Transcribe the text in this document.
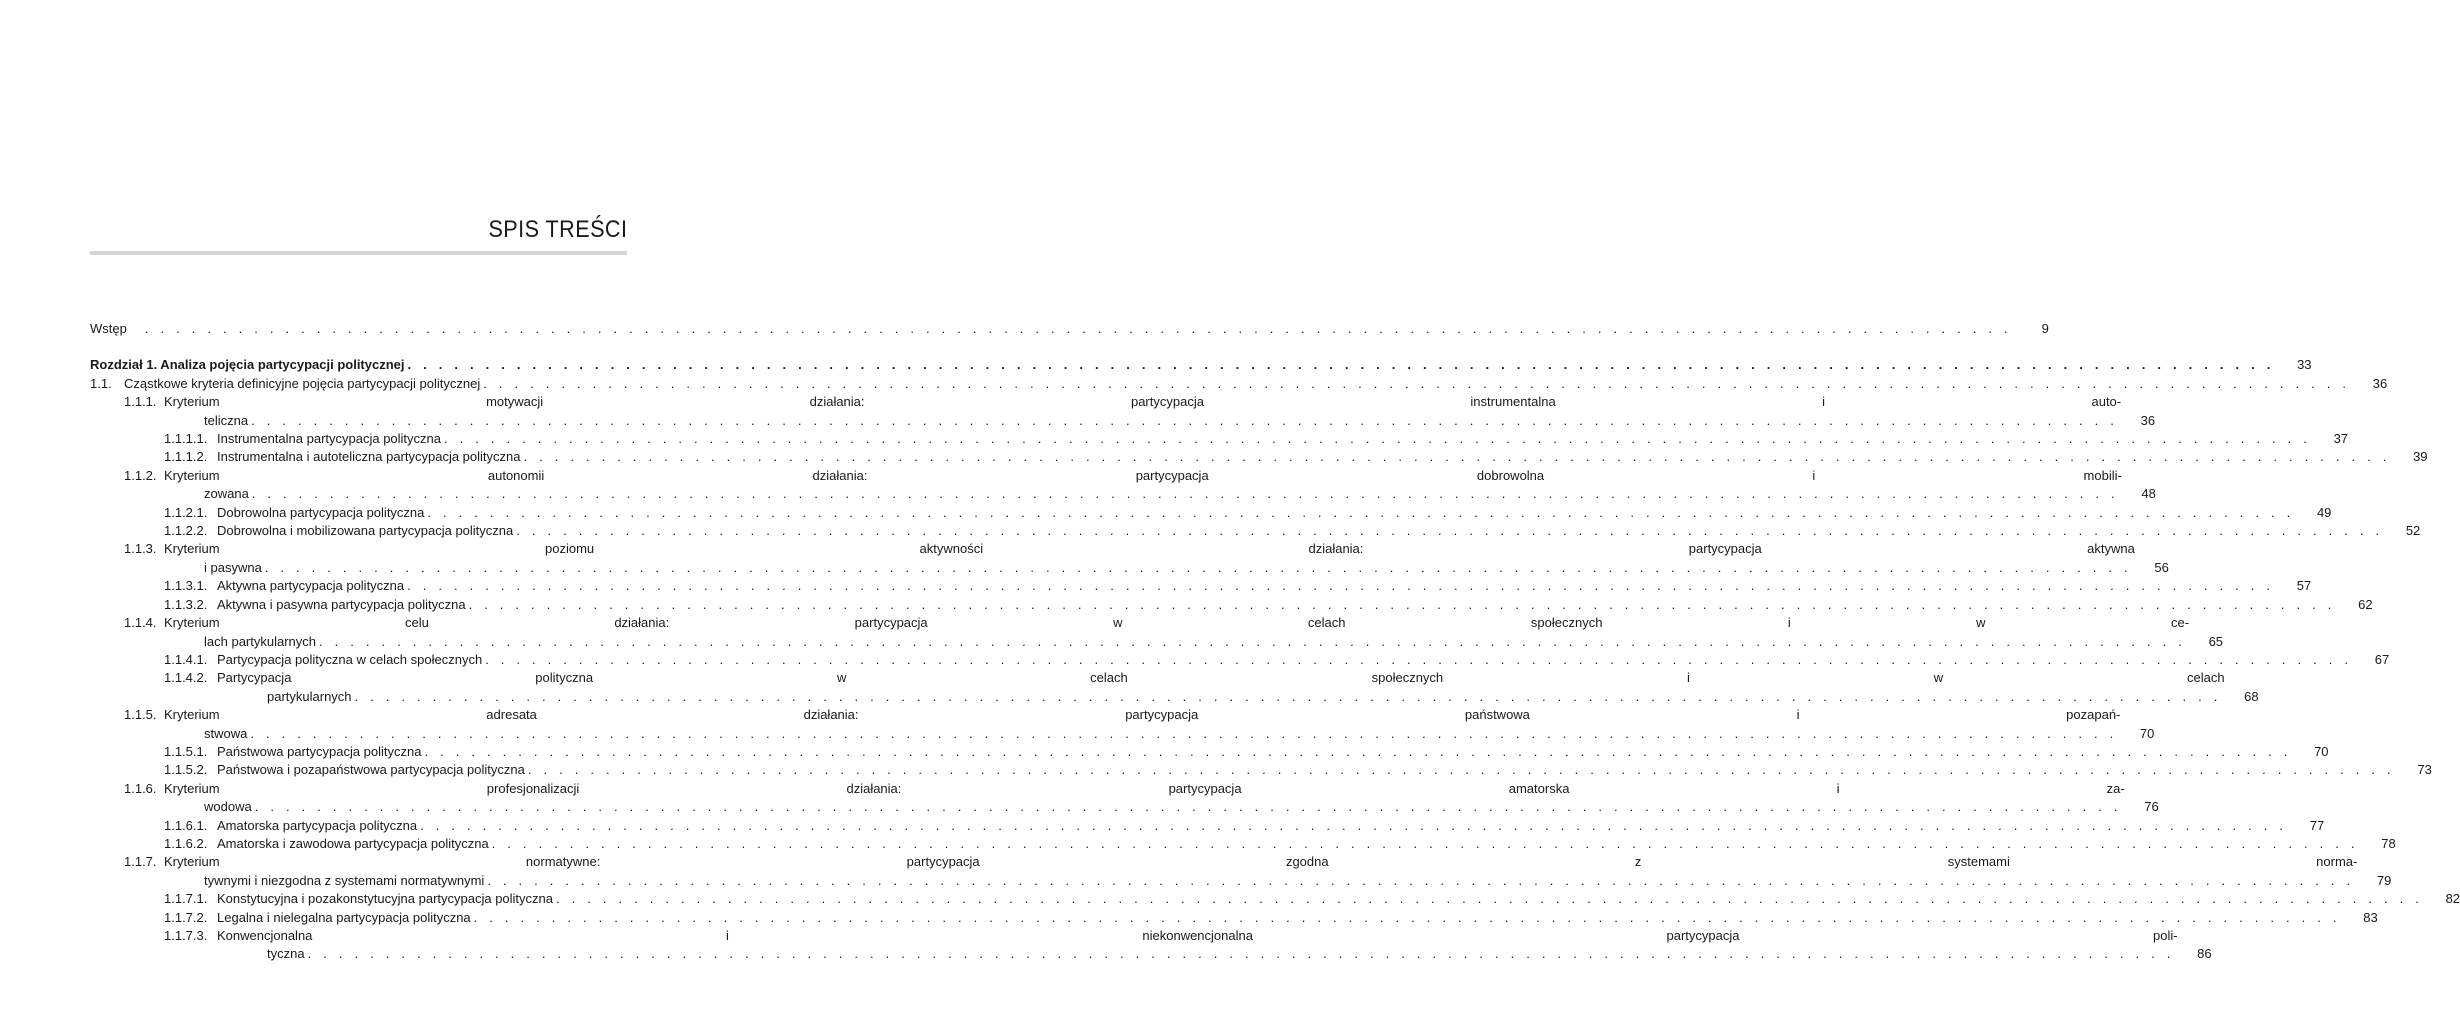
SPIS TREŚCI
Wstęp . . . . . . . . . . . . . . . . . . . . . . . . . . . . . . . . . . . . . . . . . . . . . . . . . . . . . . . . . . . . . . . . . . . . . . . . . . . . . . . . . . . . . . . . . . . . . . . . . . . . . . . . . . . . . . . . . . . . . . . .	9
Rozdział 1. Analiza pojęcia partycypacji politycznej . . . . . . . . . . . . . . . . . . . . . . . . . . . . . . . . . . . . . . . . . . . . . . . . . . . . . . . . . . . . . . . . . . . . . . . . . . . . . . . . . . . . . . . . . . . . . . . . . . . . . . . . . . . . . . . . . . . . . . . .	33
1.1. Cząstkowe kryteria definicyjne pojęcia partycypacji politycznej . . . . . . . . . . . . . . . . . . . . . . . . . . . . . . . . . . . . . . . . . . . . . . . . . . . . . . . . . . . . . . . . . . . . . . . . . . . . . . . . . . . . . . . . . . . . . . . . . . . . . . . . . . . . . . . . . . . . . . . .	36
1.1.1. Kryterium motywacji działania: partycypacja instrumentalna i auto-
teliczna . . . . . . . . . . . . . . . . . . . . . . . . . . . . . . . . . . . . . . . . . . . . . . . . . . . . . . . . . . . . . . . . . . . . . . . . . . . . . . . . . . . . . . . . . . . . . . . . . . . . . . . . . . . . . . . . . . . . . . . .	36
1.1.1.1. Instrumentalna partycypacja polityczna . . . . . . . . . . . . . . . . . . . . . . . . . . . . . . . . . . . . . . . . . . . . . . . . . . . . . . . . . . . . . . . . . . . . . . . . . . . . . . . . . . . . . . . . . . . . . . . . . . . . . . . . . . . . . . . . . . . . . . . .	37
1.1.1.2. Instrumentalna i autoteliczna partycypacja polityczna . . . . . . . . . . . . . . . . . . . . . . . . . . . . . . . . . . . . . . . . . . . . . . . . . . . . . . . . . . . . . . . . . . . . . . . . . . . . . . . . . . . . . . . . . . . . . . . . . . . . . . . . . . . . . . . . . . . . . . . .	39
1.1.2. Kryterium autonomii działania: partycypacja dobrowolna i mobili-
zowana . . . . . . . . . . . . . . . . . . . . . . . . . . . . . . . . . . . . . . . . . . . . . . . . . . . . . . . . . . . . . . . . . . . . . . . . . . . . . . . . . . . . . . . . . . . . . . . . . . . . . . . . . . . . . . . . . . . . . . . .	48
1.1.2.1. Dobrowolna partycypacja polityczna . . . . . . . . . . . . . . . . . . . . . . . . . . . . . . . . . . . . . . . . . . . . . . . . . . . . . . . . . . . . . . . . . . . . . . . . . . . . . . . . . . . . . . . . . . . . . . . . . . . . . . . . . . . . . . . . . . . . . . . .	49
1.1.2.2. Dobrowolna i mobilizowana partycypacja polityczna . . . . . . . . . . . . . . . . . . . . . . . . . . . . . . . . . . . . . . . . . . . . . . . . . . . . . . . . . . . . . . . . . . . . . . . . . . . . . . . . . . . . . . . . . . . . . . . . . . . . . . . . . . . . . . . . . . . . . . . .	52
1.1.3. Kryterium poziomu aktywności działania: partycypacja aktywna
i pasywna . . . . . . . . . . . . . . . . . . . . . . . . . . . . . . . . . . . . . . . . . . . . . . . . . . . . . . . . . . . . . . . . . . . . . . . . . . . . . . . . . . . . . . . . . . . . . . . . . . . . . . . . . . . . . . . . . . . . . . . .	56
1.1.3.1. Aktywna partycypacja polityczna . . . . . . . . . . . . . . . . . . . . . . . . . . . . . . . . . . . . . . . . . . . . . . . . . . . . . . . . . . . . . . . . . . . . . . . . . . . . . . . . . . . . . . . . . . . . . . . . . . . . . . . . . . . . . . . . . . . . . . . .	57
1.1.3.2. Aktywna i pasywna partycypacja polityczna . . . . . . . . . . . . . . . . . . . . . . . . . . . . . . . . . . . . . . . . . . . . . . . . . . . . . . . . . . . . . . . . . . . . . . . . . . . . . . . . . . . . . . . . . . . . . . . . . . . . . . . . . . . . . . . . . . . . . . . .	62
1.1.4. Kryterium celu działania: partycypacja w celach społecznych i w ce-
lach partykularnych . . . . . . . . . . . . . . . . . . . . . . . . . . . . . . . . . . . . . . . . . . . . . . . . . . . . . . . . . . . . . . . . . . . . . . . . . . . . . . . . . . . . . . . . . . . . . . . . . . . . . . . . . . . . . . . . . . . . . . . .	65
1.1.4.1. Partycypacja polityczna w celach społecznych . . . . . . . . . . . . . . . . . . . . . . . . . . . . . . . . . . . . . . . . . . . . . . . . . . . . . . . . . . . . . . . . . . . . . . . . . . . . . . . . . . . . . . . . . . . . . . . . . . . . . . . . . . . . . . . . . . . . . . . .	67
1.1.4.2. Partycypacja polityczna w celach społecznych i w celach
partykularnych . . . . . . . . . . . . . . . . . . . . . . . . . . . . . . . . . . . . . . . . . . . . . . . . . . . . . . . . . . . . . . . . . . . . . . . . . . . . . . . . . . . . . . . . . . . . . . . . . . . . . . . . . . . . . . . . . . . . . . . .	68
1.1.5. Kryterium adresata działania: partycypacja państwowa i pozapań-
stwowa . . . . . . . . . . . . . . . . . . . . . . . . . . . . . . . . . . . . . . . . . . . . . . . . . . . . . . . . . . . . . . . . . . . . . . . . . . . . . . . . . . . . . . . . . . . . . . . . . . . . . . . . . . . . . . . . . . . . . . . .	70
1.1.5.1. Państwowa partycypacja polityczna . . . . . . . . . . . . . . . . . . . . . . . . . . . . . . . . . . . . . . . . . . . . . . . . . . . . . . . . . . . . . . . . . . . . . . . . . . . . . . . . . . . . . . . . . . . . . . . . . . . . . . . . . . . . . . . . . . . . . . . .	70
1.1.5.2. Państwowa i pozapaństwowa partycypacja polityczna . . . . . . . . . . . . . . . . . . . . . . . . . . . . . . . . . . . . . . . . . . . . . . . . . . . . . . . . . . . . . . . . . . . . . . . . . . . . . . . . . . . . . . . . . . . . . . . . . . . . . . . . . . . . . . . . . . . . . . . .	73
1.1.6. Kryterium profesjonalizacji działania: partycypacja amatorska i za-
wodowa . . . . . . . . . . . . . . . . . . . . . . . . . . . . . . . . . . . . . . . . . . . . . . . . . . . . . . . . . . . . . . . . . . . . . . . . . . . . . . . . . . . . . . . . . . . . . . . . . . . . . . . . . . . . . . . . . . . . . . . .	76
1.1.6.1. Amatorska partycypacja polityczna . . . . . . . . . . . . . . . . . . . . . . . . . . . . . . . . . . . . . . . . . . . . . . . . . . . . . . . . . . . . . . . . . . . . . . . . . . . . . . . . . . . . . . . . . . . . . . . . . . . . . . . . . . . . . . . . . . . . . . . .	77
1.1.6.2. Amatorska i zawodowa partycypacja polityczna . . . . . . . . . . . . . . . . . . . . . . . . . . . . . . . . . . . . . . . . . . . . . . . . . . . . . . . . . . . . . . . . . . . . . . . . . . . . . . . . . . . . . . . . . . . . . . . . . . . . . . . . . . . . . . . . . . . . . . . .	78
1.1.7. Kryterium normatywne: partycypacja zgodna z systemami norma-
tywnymi i niezgodna z systemami normatywnymi . . . . . . . . . . . . . . . . . . . . . . . . . . . . . . . . . . . . . . . . . . . . . . . . . . . . . . . . . . . . . . . . . . . . . . . . . . . . . . . . . . . . . . . . . . . . . . . . . . . . . . . . . . . . . . . . . . . . . . . .	79
1.1.7.1. Konstytucyjna i pozakonstytucyjna partycypacja polityczna . . . . . . . . . . . . . . . . . . . . . . . . . . . . . . . . . . . . . . . . . . . . . . . . . . . . . . . . . . . . . . . . . . . . . . . . . . . . . . . . . . . . . . . . . . . . . . . . . . . . . . . . . . . . . . . . . . . . . . . .	82
1.1.7.2. Legalna i nielegalna partycypacja polityczna . . . . . . . . . . . . . . . . . . . . . . . . . . . . . . . . . . . . . . . . . . . . . . . . . . . . . . . . . . . . . . . . . . . . . . . . . . . . . . . . . . . . . . . . . . . . . . . . . . . . . . . . . . . . . . . . . . . . . . . .	83
1.1.7.3. Konwencjonalna i niekonwencjonalna partycypacja poli-
tyczna . . . . . . . . . . . . . . . . . . . . . . . . . . . . . . . . . . . . . . . . . . . . . . . . . . . . . . . . . . . . . . . . . . . . . . . . . . . . . . . . . . . . . . . . . . . . . . . . . . . . . . . . . . . . . . . . . . . . . . . .	86
